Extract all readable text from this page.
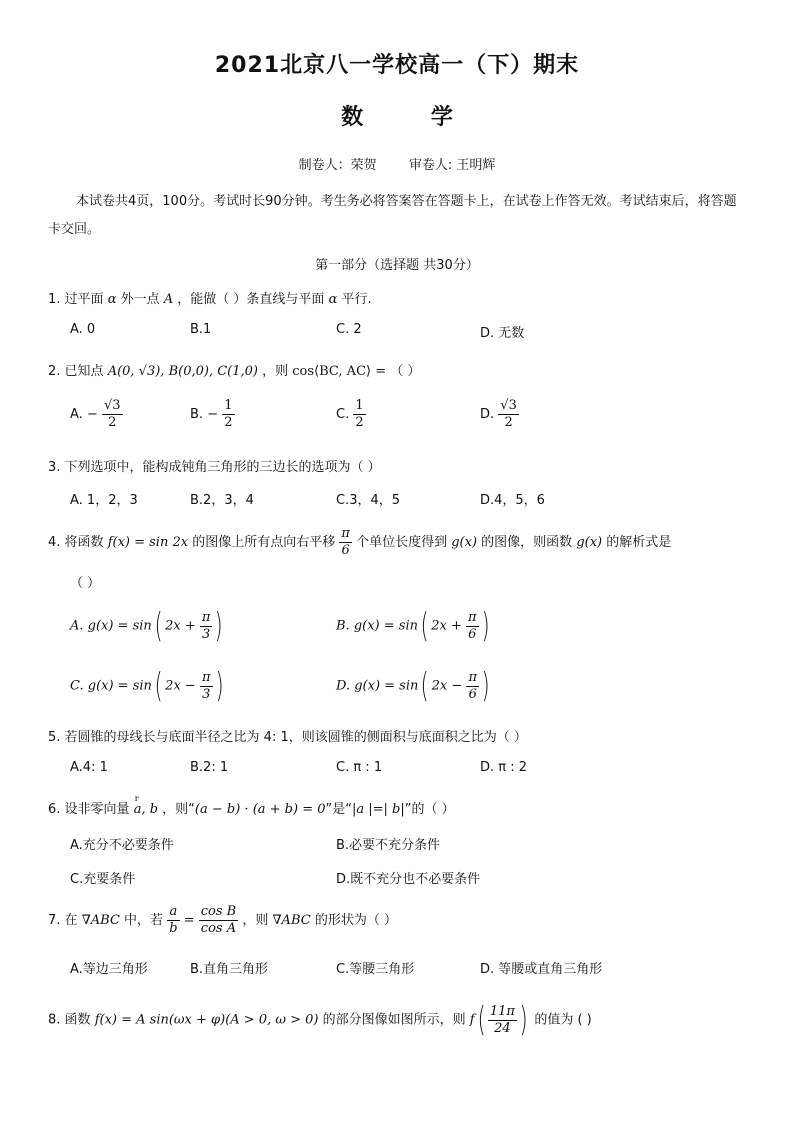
2021北京八一学校高一（下）期末
数 学
制卷人：荣贺 审卷人: 王明辉
本试卷共4页，100分。考试时长90分钟。考生务必将答案答在答题卡上，在试卷上作答无效。考试结束后，将答题卡交回。
第一部分（选择题 共30分）
1. 过平面 α 外一点 A ，能做（ ）条直线与平面 α 平行.
A. 0	B.1	C. 2	D. 无数
2. 已知点 A(0, √3), B(0,0), C(1,0) ，则 cos⟨BC, AC⟩ = （ ）
A. − $\frac{√3}{2}$	B. − $\frac{1}{2}$	C. $\frac{1}{2}$	D. $\frac{√3}{2}$
3. 下列选项中，能构成钝角三角形的三边长的选项为（ ）
A. 1，2，3	B.2，3，4	C.3，4，5	D.4，5，6
4. 将函数 f(x) = sin 2x 的图像上所有点向右平移 $\frac{\pi}{6}$ 个单位长度得到 g(x) 的图像，则函数 g(x) 的解析式是
（ ）
A. g(x) = sin( $2x + \frac{\pi}{3}$ )	B. g(x) = sin( $2x + \frac{\pi}{6}$ )
C. g(x) = sin( $2x - \frac{\pi}{3}$ )	D. g(x) = sin( $2x - \frac{\pi}{6}$ )
5. 若圆锥的母线长与底面半径之比为 4: 1，则该圆锥的侧面积与底面积之比为（ ）
A.4: 1	B.2: 1	C. π : 1	D. π : 2
6. 设非零向量 r a, b ，则“(a − b) · (a + b) = 0”是“|a |=| b|”的（ ）
A.充分不必要条件	B.必要不充分条件
C.充要条件	D.既不充分也不必要条件
7. 在 ∇ABC 中，若 $\frac{a}{b} = \frac{\text{cos B}}{\text{cos A}}$ ，则 ∇ABC 的形状为（ ）
A.等边三角形	B.直角三角形	C.等腰三角形	D. 等腰或直角三角形
8. 函数 f(x) = A sin(ωx + φ)(A > 0, ω > 0) 的部分图像如图所示，则 $f( \frac{11\pi}{24}$ ) 的值为 ( )
